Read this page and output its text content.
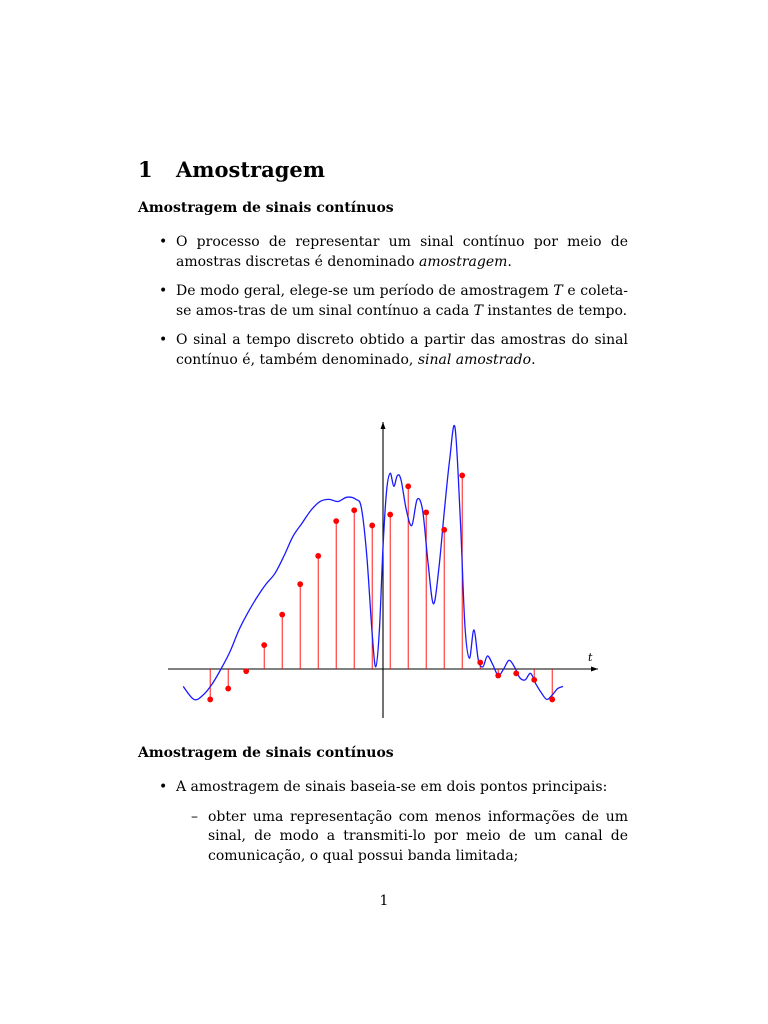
1 Amostragem
Amostragem de sinais contínuos
• O processo de representar um sinal contínuo por meio de amostras discretas é denominado amostragem.
• De modo geral, elege-se um período de amostragem T e coleta-se amos-tras de um sinal contínuo a cada T instantes de tempo.
• O sinal a tempo discreto obtido a partir das amostras do sinal contínuo é, também denominado, sinal amostrado.
t
Amostragem de sinais contínuos
• A amostragem de sinais baseia-se em dois pontos principais:
– obter uma representação com menos informações de um sinal, de modo a transmiti-lo por meio de um canal de comunicação, o qual possui banda limitada;
1
